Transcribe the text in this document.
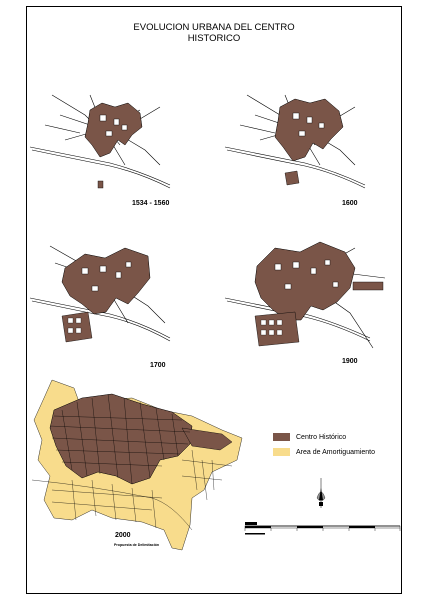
EVOLUCION URBANA DEL CENTRO
HISTORICO
1534 - 1560	1600
1700
1900
2000
Propuesta de Delimitación
Centro Histórico
Area de Amortiguamiento
